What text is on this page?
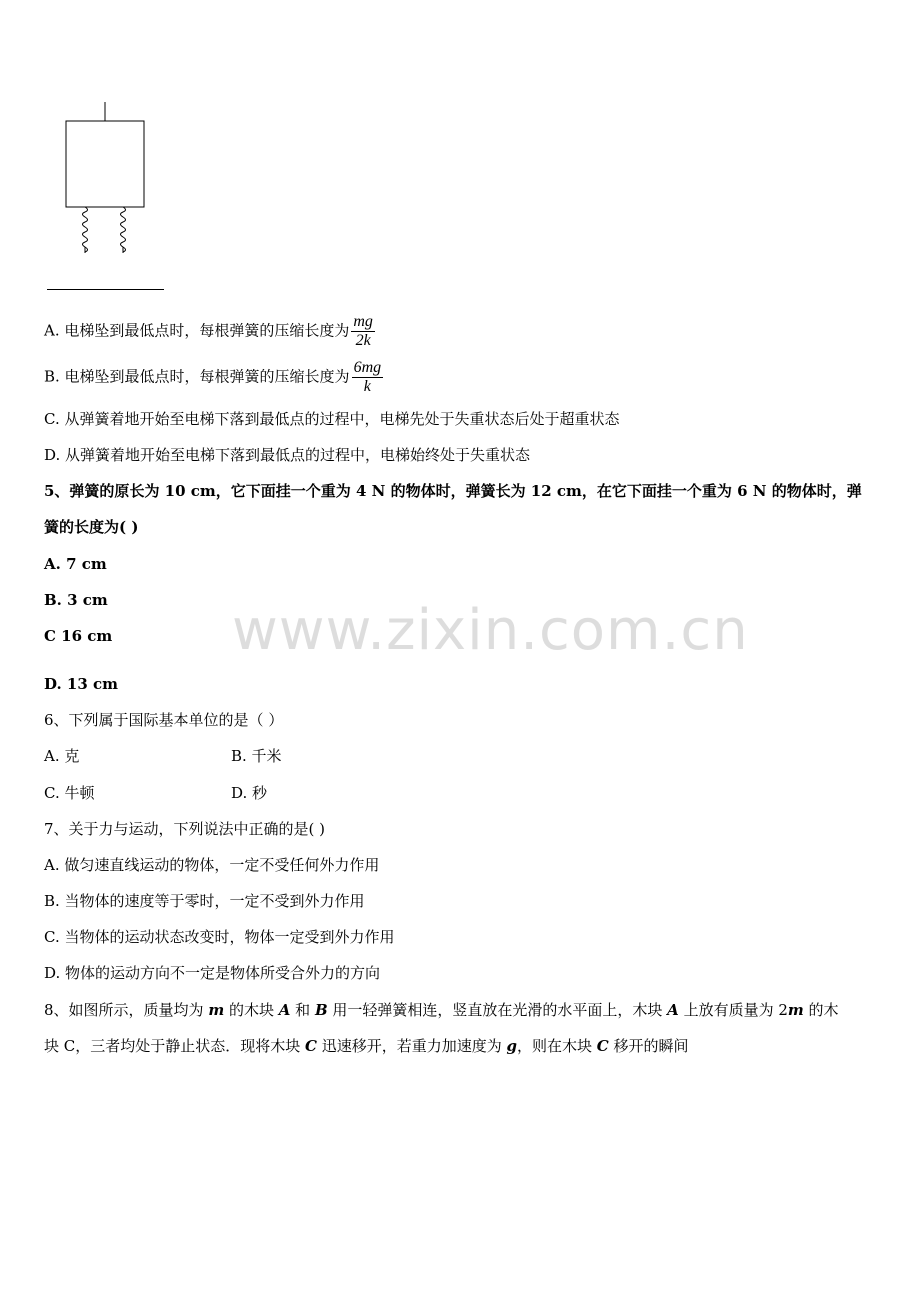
www.zixin.com.cn
A. 电梯坠到最低点时，每根弹簧的压缩长度为 $\frac{mg}{2k}$
B. 电梯坠到最低点时，每根弹簧的压缩长度为 $\frac{6mg}{k}$
C. 从弹簧着地开始至电梯下落到最低点的过程中，电梯先处于失重状态后处于超重状态
D. 从弹簧着地开始至电梯下落到最低点的过程中，电梯始终处于失重状态
5、弹簧的原长为 10 cm，它下面挂一个重为 4 N 的物体时，弹簧长为 12 cm，在它下面挂一个重为 6 N 的物体时，弹
簧的长度为( )
A. 7 cm
B. 3 cm
C 16 cm
D. 13 cm
6、下列属于国际基本单位的是（ ）
A. 克	B. 千米
C. 牛顿	D. 秒
7、关于力与运动，下列说法中正确的是( )
A. 做匀速直线运动的物体，一定不受任何外力作用
B. 当物体的速度等于零时，一定不受到外力作用
C. 当物体的运动状态改变时，物体一定受到外力作用
D. 物体的运动方向不一定是物体所受合外力的方向
8、如图所示，质量均为 m 的木块 A 和 B 用一轻弹簧相连，竖直放在光滑的水平面上，木块 A 上放有质量为 2m 的木
块 C，三者均处于静止状态．现将木块 C 迅速移开，若重力加速度为 g，则在木块 C 移开的瞬间
